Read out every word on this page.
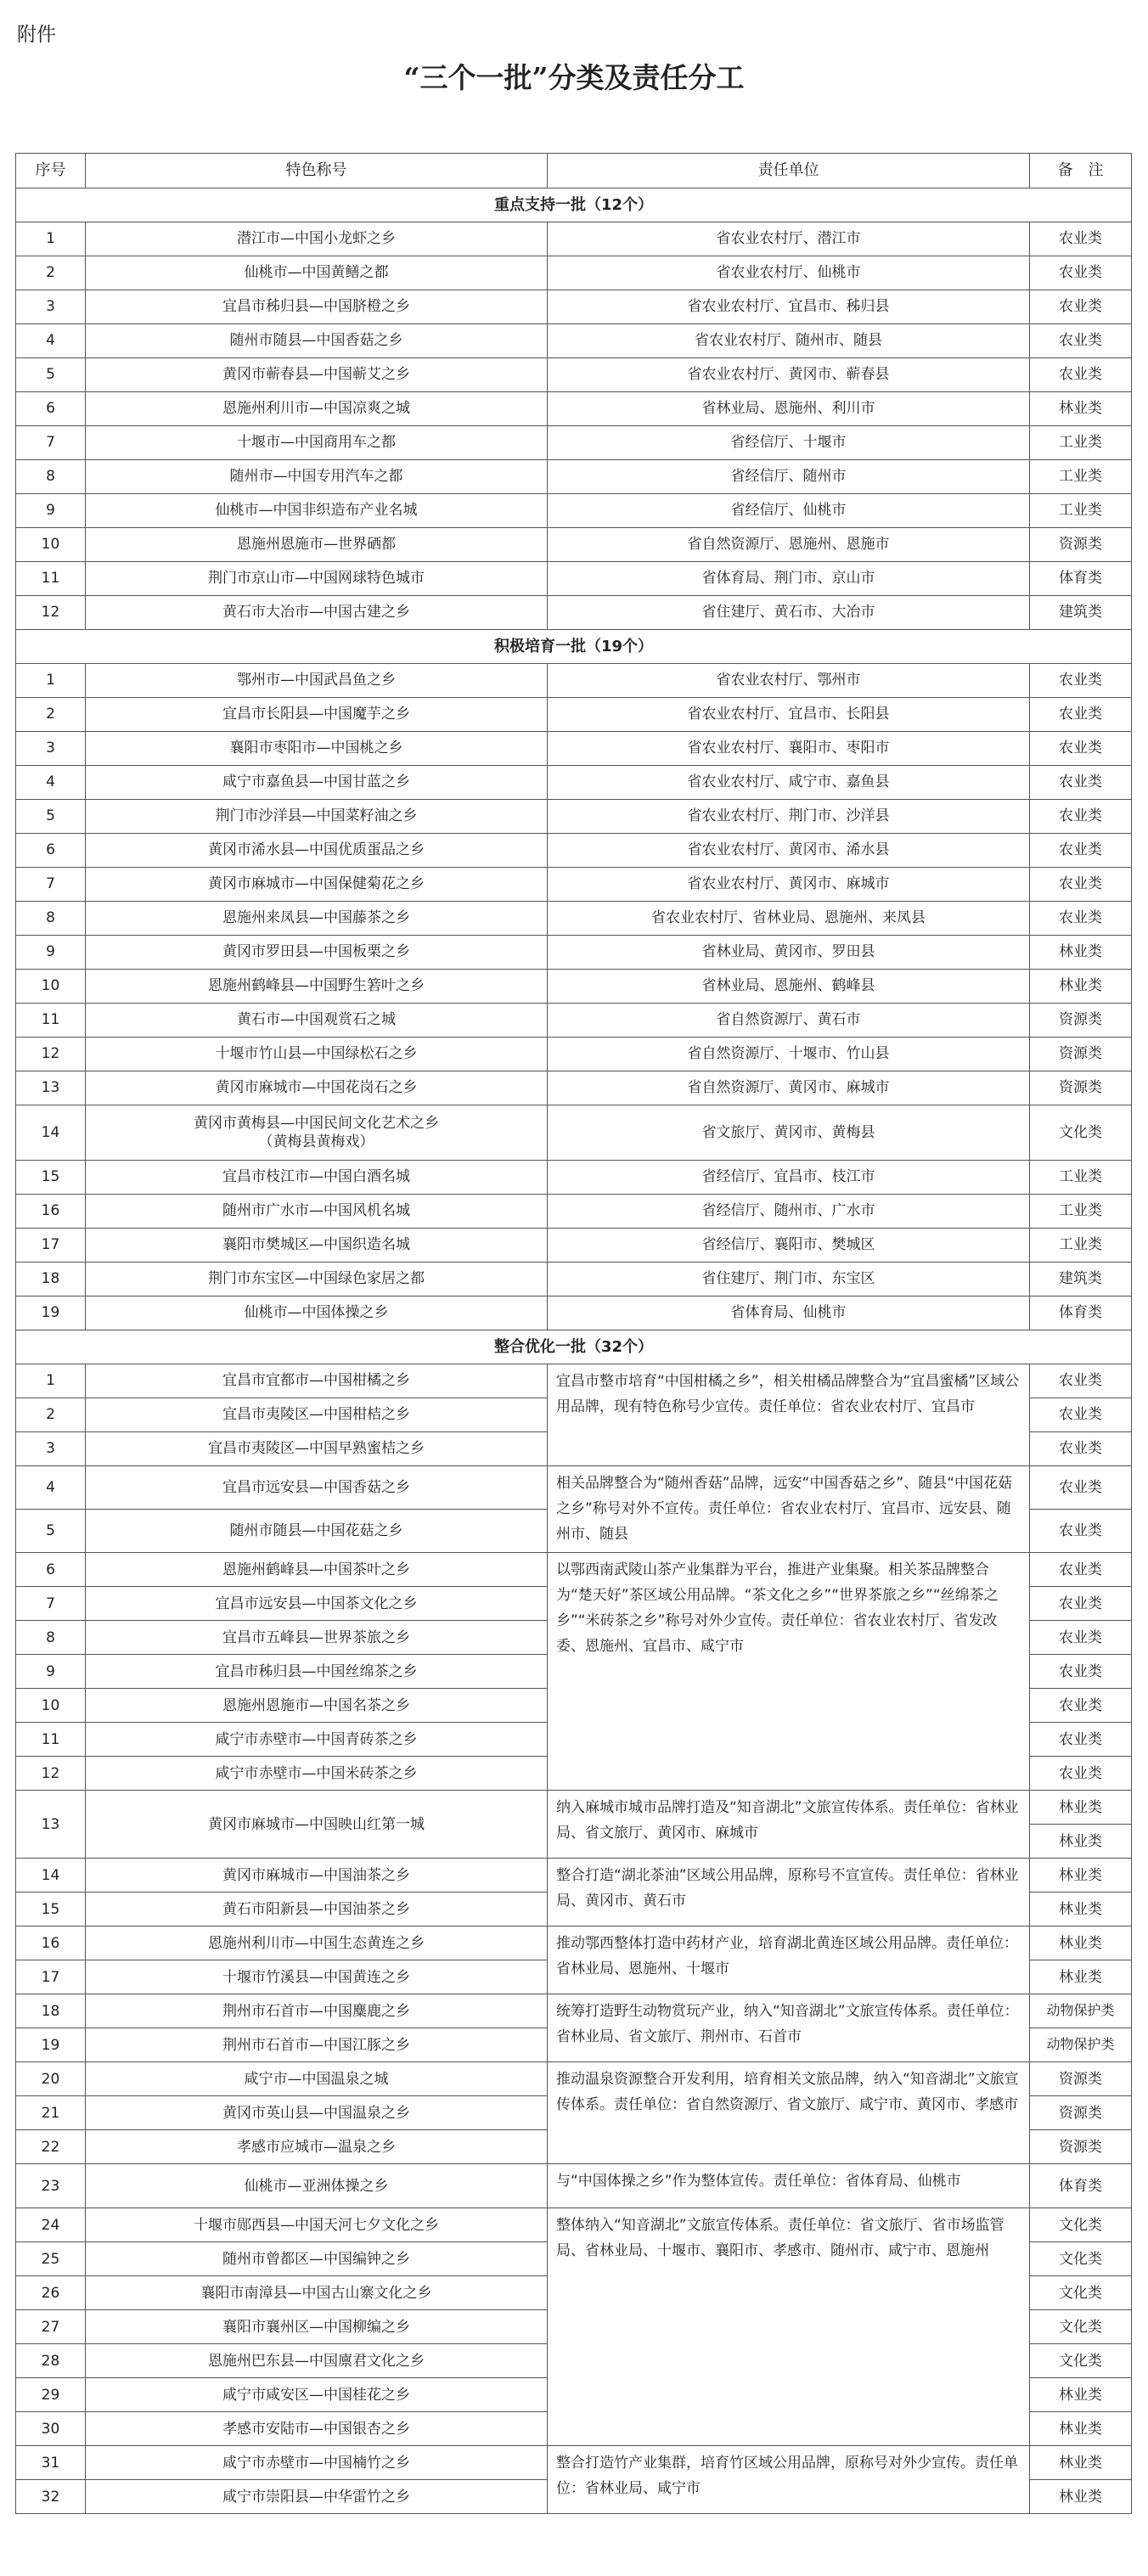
附件
“三个一批”分类及责任分工
序号	特色称号	责任单位	备　注
重点支持一批（12个）			
1	潜江市—中国小龙虾之乡	省农业农村厅、潜江市	农业类
2	仙桃市—中国黄鳝之都	省农业农村厅、仙桃市	农业类
3	宜昌市秭归县—中国脐橙之乡	省农业农村厅、宜昌市、秭归县	农业类
4	随州市随县—中国香菇之乡	省农业农村厅、随州市、随县	农业类
5	黄冈市蕲春县—中国蕲艾之乡	省农业农村厅、黄冈市、蕲春县	农业类
6	恩施州利川市—中国凉爽之城	省林业局、恩施州、利川市	林业类
7	十堰市—中国商用车之都	省经信厅、十堰市	工业类
8	随州市—中国专用汽车之都	省经信厅、随州市	工业类
9	仙桃市—中国非织造布产业名城	省经信厅、仙桃市	工业类
10	恩施州恩施市—世界硒都	省自然资源厅、恩施州、恩施市	资源类
11	荆门市京山市—中国网球特色城市	省体育局、荆门市、京山市	体育类
12	黄石市大冶市—中国古建之乡	省住建厅、黄石市、大冶市	建筑类
积极培育一批（19个）			
1	鄂州市—中国武昌鱼之乡	省农业农村厅、鄂州市	农业类
2	宜昌市长阳县—中国魔芋之乡	省农业农村厅、宜昌市、长阳县	农业类
3	襄阳市枣阳市—中国桃之乡	省农业农村厅、襄阳市、枣阳市	农业类
4	咸宁市嘉鱼县—中国甘蓝之乡	省农业农村厅、咸宁市、嘉鱼县	农业类
5	荆门市沙洋县—中国菜籽油之乡	省农业农村厅、荆门市、沙洋县	农业类
6	黄冈市浠水县—中国优质蛋品之乡	省农业农村厅、黄冈市、浠水县	农业类
7	黄冈市麻城市—中国保健菊花之乡	省农业农村厅、黄冈市、麻城市	农业类
8	恩施州来凤县—中国藤茶之乡	省农业农村厅、省林业局、恩施州、来凤县	农业类
9	黄冈市罗田县—中国板栗之乡	省林业局、黄冈市、罗田县	林业类
10	恩施州鹤峰县—中国野生箬叶之乡	省林业局、恩施州、鹤峰县	林业类
11	黄石市—中国观赏石之城	省自然资源厅、黄石市	资源类
12	十堰市竹山县—中国绿松石之乡	省自然资源厅、十堰市、竹山县	资源类
13	黄冈市麻城市—中国花岗石之乡	省自然资源厅、黄冈市、麻城市	资源类
14	黄冈市黄梅县—中国民间文化艺术之乡
（黄梅县黄梅戏）	省文旅厅、黄冈市、黄梅县	文化类
15	宜昌市枝江市—中国白酒名城	省经信厅、宜昌市、枝江市	工业类
16	随州市广水市—中国风机名城	省经信厅、随州市、广水市	工业类
17	襄阳市樊城区—中国织造名城	省经信厅、襄阳市、樊城区	工业类
18	荆门市东宝区—中国绿色家居之都	省住建厅、荆门市、东宝区	建筑类
19	仙桃市—中国体操之乡	省体育局、仙桃市	体育类
整合优化一批（32个）			
1	宜昌市宜都市—中国柑橘之乡	宜昌市整市培育“中国柑橘之乡”，相关柑橘品牌整合为“宜昌蜜橘”区域公用品牌，现有特色称号少宣传。责任单位：省农业农村厅、宜昌市	农业类
2	宜昌市夷陵区—中国柑桔之乡		农业类
3	宜昌市夷陵区—中国早熟蜜桔之乡		农业类
4	宜昌市远安县—中国香菇之乡	相关品牌整合为“随州香菇”品牌，远安“中国香菇之乡”、随县“中国花菇之乡”称号对外不宣传。责任单位：省农业农村厅、宜昌市、远安县、随州市、随县	农业类
5	随州市随县—中国花菇之乡		农业类
6	恩施州鹤峰县—中国茶叶之乡	以鄂西南武陵山茶产业集群为平台，推进产业集聚。相关茶品牌整合为“楚天好”茶区域公用品牌。“茶文化之乡”“世界茶旅之乡”“丝绵茶之乡”“米砖茶之乡”称号对外少宣传。责任单位：省农业农村厅、省发改委、恩施州、宜昌市、咸宁市	农业类
7	宜昌市远安县—中国茶文化之乡		农业类
8	宜昌市五峰县—世界茶旅之乡		农业类
9	宜昌市秭归县—中国丝绵茶之乡		农业类
10	恩施州恩施市—中国名茶之乡		农业类
11	咸宁市赤壁市—中国青砖茶之乡		农业类
12	咸宁市赤壁市—中国米砖茶之乡		农业类
13	黄冈市麻城市—中国映山红第一城	纳入麻城市城市品牌打造及“知音湖北”文旅宣传体系。责任单位：省林业局、省文旅厅、黄冈市、麻城市	林业类
			林业类
14	黄冈市麻城市—中国油茶之乡	整合打造“湖北茶油”区域公用品牌，原称号不宣宣传。责任单位：省林业局、黄冈市、黄石市	林业类
15	黄石市阳新县—中国油茶之乡		林业类
16	恩施州利川市—中国生态黄连之乡	推动鄂西整体打造中药材产业，培育湖北黄连区域公用品牌。责任单位：省林业局、恩施州、十堰市	林业类
17	十堰市竹溪县—中国黄连之乡		林业类
18	荆州市石首市—中国麋鹿之乡	统筹打造野生动物赏玩产业，纳入“知音湖北”文旅宣传体系。责任单位：省林业局、省文旅厅、荆州市、石首市	动物保护类
19	荆州市石首市—中国江豚之乡		动物保护类
20	咸宁市—中国温泉之城	推动温泉资源整合开发利用，培育相关文旅品牌，纳入“知音湖北”文旅宣传体系。责任单位：省自然资源厅、省文旅厅、咸宁市、黄冈市、孝感市	资源类
21	黄冈市英山县—中国温泉之乡		资源类
22	孝感市应城市—温泉之乡		资源类
23	仙桃市—亚洲体操之乡	与“中国体操之乡”作为整体宣传。责任单位：省体育局、仙桃市	体育类
24	十堰市郧西县—中国天河七夕文化之乡	整体纳入“知音湖北”文旅宣传体系。责任单位：省文旅厅、省市场监管局、省林业局、十堰市、襄阳市、孝感市、随州市、咸宁市、恩施州	文化类
25	随州市曾都区—中国编钟之乡		文化类
26	襄阳市南漳县—中国古山寨文化之乡		文化类
27	襄阳市襄州区—中国柳编之乡		文化类
28	恩施州巴东县—中国廪君文化之乡		文化类
29	咸宁市咸安区—中国桂花之乡		林业类
30	孝感市安陆市—中国银杏之乡		林业类
31	咸宁市赤壁市—中国楠竹之乡	整合打造竹产业集群，培育竹区域公用品牌，原称号对外少宣传。责任单位：省林业局、咸宁市	林业类
32	咸宁市崇阳县—中华雷竹之乡		林业类
